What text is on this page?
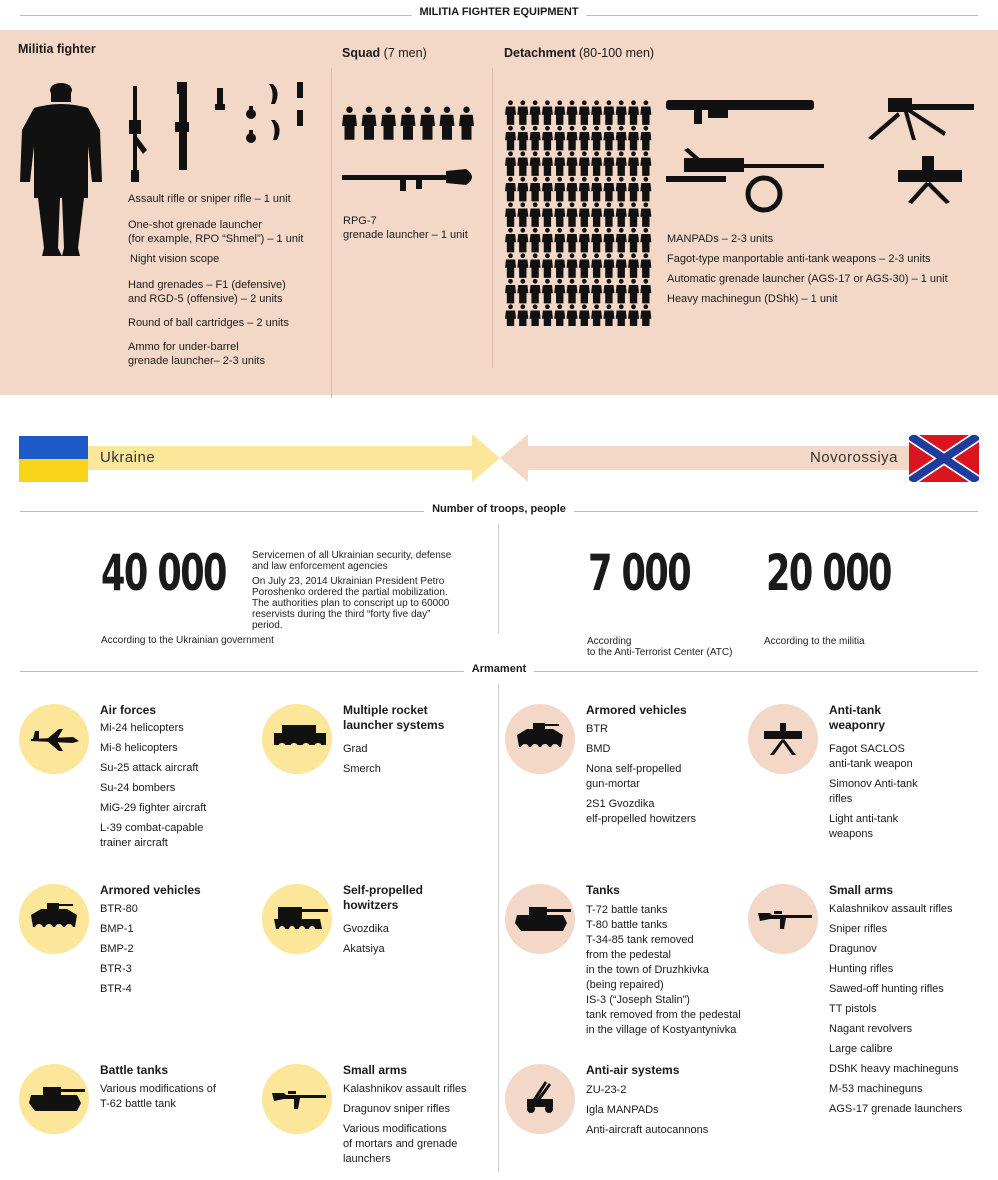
MILITIA FIGHTER EQUIPMENT
Militia fighter
Assault rifle or sniper rifle – 1 unit
One-shot grenade launcher
(for example, RPO “Shmel”) – 1 unit
Night vision scope
Hand grenades – F1 (defensive)
and RGD-5 (offensive) – 2 units
Round of ball cartridges – 2 units
Ammo for under-barrel
grenade launcher– 2-3 units
Squad (7 men)
RPG-7
grenade launcher – 1 unit
Detachment (80-100 men)
MANPADs – 2-3 units
Fagot-type manportable anti-tank weapons – 2-3 units
Automatic grenade launcher (AGS-17 or AGS-30) – 1 unit
Heavy machinegun (DShk) – 1 unit
Ukraine	Novorossiya
Number of troops, people
40 000	Servicemen of all Ukrainian security, defense
and law enforcement agencies
On July 23, 2014 Ukrainian President Petro
Poroshenko ordered the partial mobilization.
The authorities plan to conscript up to 60000
reservists during the third “forty five day”
period.
According to the Ukrainian government
7 000
According
to the Anti-Terrorist Center (ATC)
20 000
According to the militia
Armament
Air forces
Mi-24 helicopters
Mi-8 helicopters
Su-25 attack aircraft
Su-24 bombers
MiG-29 fighter aircraft
L-39 combat-capable
trainer aircraft
Armored vehicles
BTR-80
BMP-1
BMP-2
BTR-3
BTR-4
Battle tanks
Various modifications of
T-62 battle tank
Multiple rocket
launcher systems
Grad
Smerch
Self-propelled
howitzers
Gvozdika
Akatsiya
Small arms
Kalashnikov assault rifles
Dragunov sniper rifles
Various modifications
of mortars and grenade
launchers
Armored vehicles
BTR
BMD
Nona self-propelled
gun-mortar
2S1 Gvozdika
elf-propelled howitzers
Tanks
T-72 battle tanks
T-80 battle tanks
T-34-85 tank removed
from the pedestal
in the town of Druzhkivka
(being repaired)
IS-3 (“Joseph Stalin”)
tank removed from the pedestal
in the village of Kostyantynivka
Anti-air systems
ZU-23-2
Igla MANPADs
Anti-aircraft autocannons
Anti-tank
weaponry
Fagot SACLOS
anti-tank weapon
Simonov Anti-tank
rifles
Light anti-tank
weapons
Small arms
Kalashnikov assault rifles
Sniper rifles
Dragunov
Hunting rifles
Sawed-off hunting rifles
TT pistols
Nagant revolvers
Large calibre
DShK heavy machineguns
M-53 machineguns
AGS-17 grenade launchers
